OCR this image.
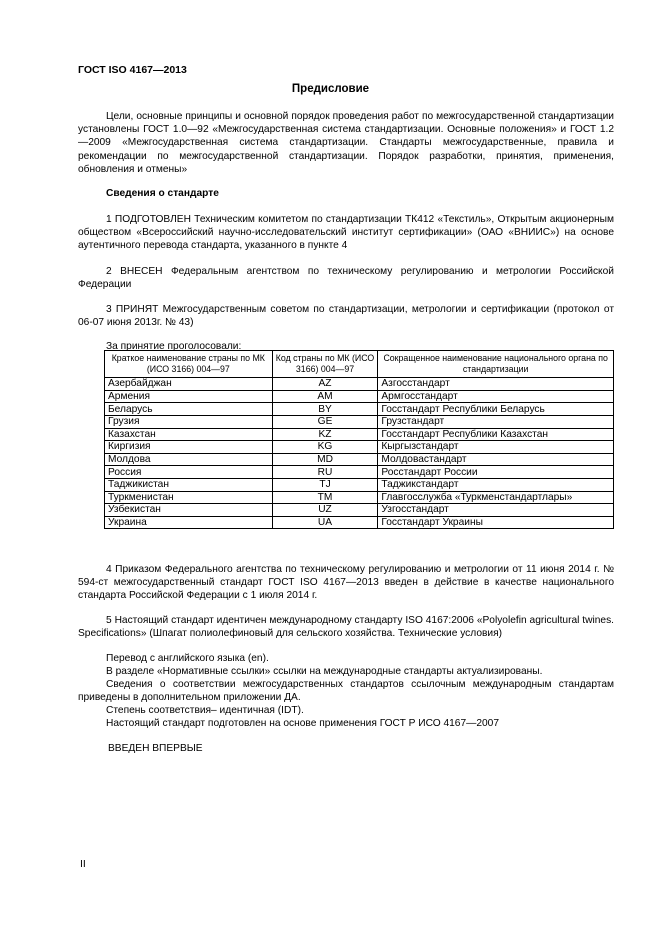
ГОСТ ISO 4167—2013
Предисловие
Цели, основные принципы и основной порядок проведения работ по межгосударственной стандартизации установлены ГОСТ 1.0—92 «Межгосударственная система стандартизации. Основные положения» и ГОСТ 1.2—2009 «Межгосударственная система стандартизации. Стандарты межгосударственные, правила и рекомендации по межгосударственной стандартизации. Порядок разработки, принятия, применения, обновления и отмены»
Сведения о стандарте
1 ПОДГОТОВЛЕН Техническим комитетом по стандартизации ТК412 «Текстиль», Открытым акционерным обществом «Всероссийский научно-исследовательский институт сертификации» (ОАО «ВНИИС») на основе аутентичного перевода стандарта, указанного в пункте 4
2 ВНЕСЕН Федеральным агентством по техническому регулированию и метрологии Российской Федерации
3 ПРИНЯТ Межгосударственным советом по стандартизации, метрологии и сертификации (протокол от 06-07 июня 2013г. № 43)
За принятие проголосовали:
Краткое наименование страны по МК (ИСО 3166) 004—97	Код страны по МК (ИСО 3166) 004—97	Сокращенное наименование национального органа по стандартизации
Азербайджан	AZ	Азгосстандарт
Армения	AM	Армгосстандарт
Беларусь	BY	Госстандарт Республики Беларусь
Грузия	GE	Грузстандарт
Казахстан	KZ	Госстандарт Республики Казахстан
Киргизия	KG	Кыргызстандарт
Молдова	MD	Молдовастандарт
Россия	RU	Росстандарт России
Таджикистан	TJ	Таджикстандарт
Туркменистан	TM	Главгосслужба «Туркменстандартлары»
Узбекистан	UZ	Узгосстандарт
Украина	UA	Госстандарт Украины
4 Приказом Федерального агентства по техническому регулированию и метрологии от 11 июня 2014 г. № 594-ст межгосударственный стандарт ГОСТ ISO 4167—2013 введен в действие в качестве национального стандарта Российской Федерации с 1 июля 2014 г.
5 Настоящий стандарт идентичен международному стандарту ISO 4167:2006 «Polyolefin agricultural twines. Specifications» (Шпагат полиолефиновый для сельского хозяйства. Технические условия)
Перевод с английского языка (en).
В разделе «Нормативные ссылки» ссылки на международные стандарты актуализированы.
Сведения о соответствии межгосударственных стандартов ссылочным международным стандартам приведены в дополнительном приложении ДА.
Степень соответствия– идентичная (IDT).
Настоящий стандарт подготовлен на основе применения ГОСТ Р ИСО 4167—2007
ВВЕДЕН ВПЕРВЫЕ
II
